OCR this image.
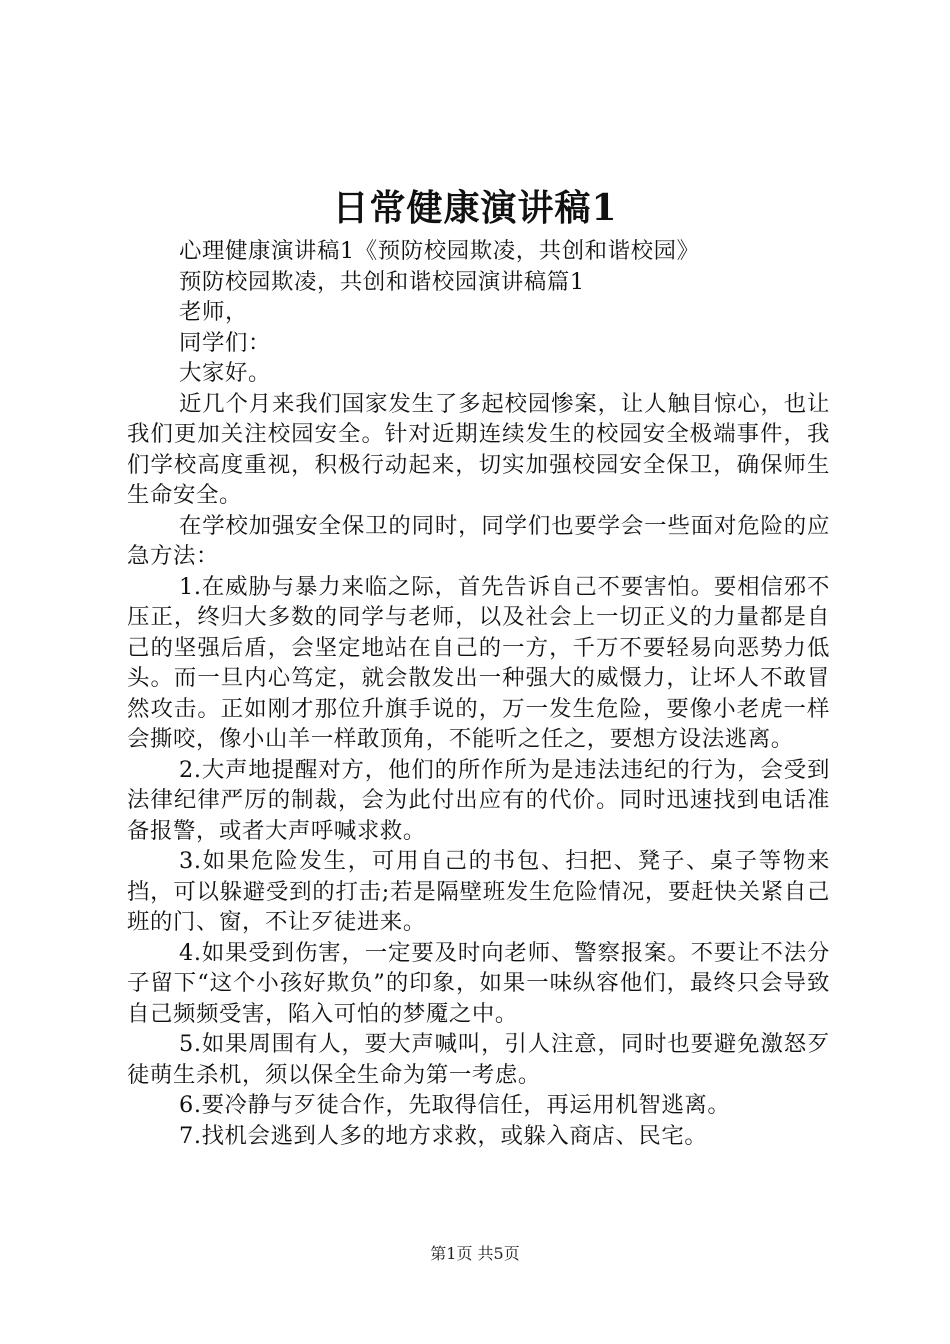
日常健康演讲稿1

心理健康演讲稿1《预防校园欺凌，共创和谐校园》

预防校园欺凌，共创和谐校园演讲稿篇1

老师，

同学们：

大家好。

近几个月来我们国家发生了多起校园惨案，让人触目惊心，也让我们更加关注校园安全。针对近期连续发生的校园安全极端事件，我们学校高度重视，积极行动起来，切实加强校园安全保卫，确保师生生命安全。

在学校加强安全保卫的同时，同学们也要学会一些面对危险的应急方法：

1.在威胁与暴力来临之际，首先告诉自己不要害怕。要相信邪不压正，终归大多数的同学与老师，以及社会上一切正义的力量都是自己的坚强后盾，会坚定地站在自己的一方，千万不要轻易向恶势力低头。而一旦内心笃定，就会散发出一种强大的威慑力，让坏人不敢冒然攻击。正如刚才那位升旗手说的，万一发生危险，要像小老虎一样会撕咬，像小山羊一样敢顶角，不能听之任之，要想方设法逃离。

2.大声地提醒对方，他们的所作所为是违法违纪的行为，会受到法律纪律严厉的制裁，会为此付出应有的代价。同时迅速找到电话准备报警，或者大声呼喊求救。

3.如果危险发生，可用自己的书包、扫把、凳子、桌子等物来挡，可以躲避受到的打击;若是隔壁班发生危险情况，要赶快关紧自己班的门、窗，不让歹徒进来。

4.如果受到伤害，一定要及时向老师、警察报案。不要让不法分子留下“这个小孩好欺负”的印象，如果一味纵容他们，最终只会导致自己频频受害，陷入可怕的梦魇之中。

5.如果周围有人，要大声喊叫，引人注意，同时也要避免激怒歹徒萌生杀机，须以保全生命为第一考虑。

6.要冷静与歹徒合作，先取得信任，再运用机智逃离。

7.找机会逃到人多的地方求救，或躲入商店、民宅。

第1页 共5页
